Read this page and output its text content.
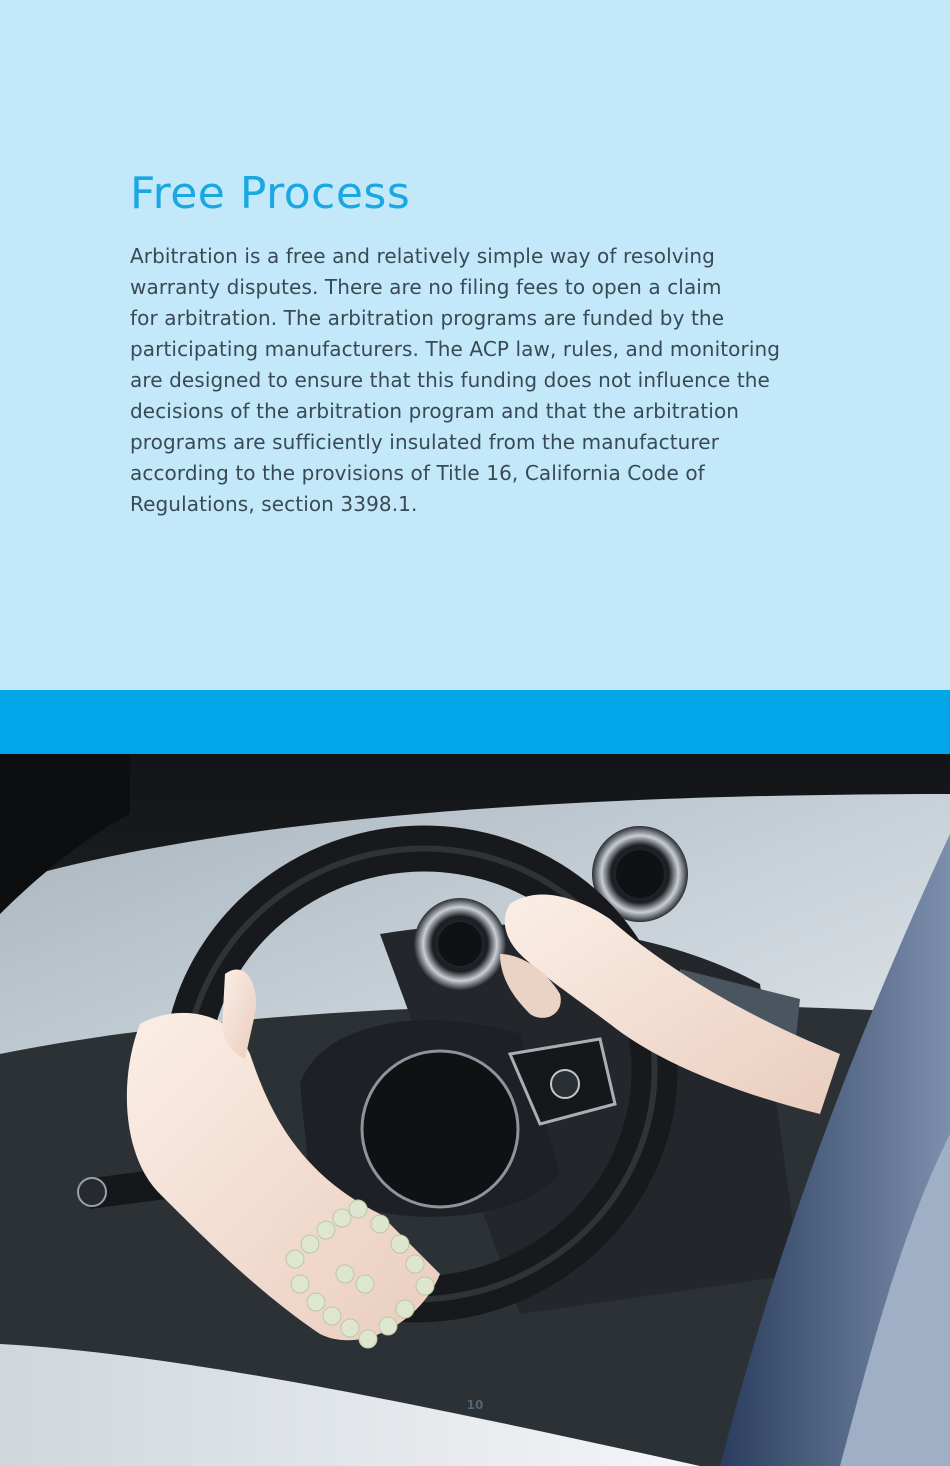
Free Process

Arbitration is a free and relatively simple way of resolving
warranty disputes. There are no filing fees to open a claim
for arbitration. The arbitration programs are funded by the
participating manufacturers. The ACP law, rules, and monitoring
are designed to ensure that this funding does not influence the
decisions of the arbitration program and that the arbitration
programs are sufficiently insulated from the manufacturer
according to the provisions of Title 16, California Code of
Regulations, section 3398.1.

10
